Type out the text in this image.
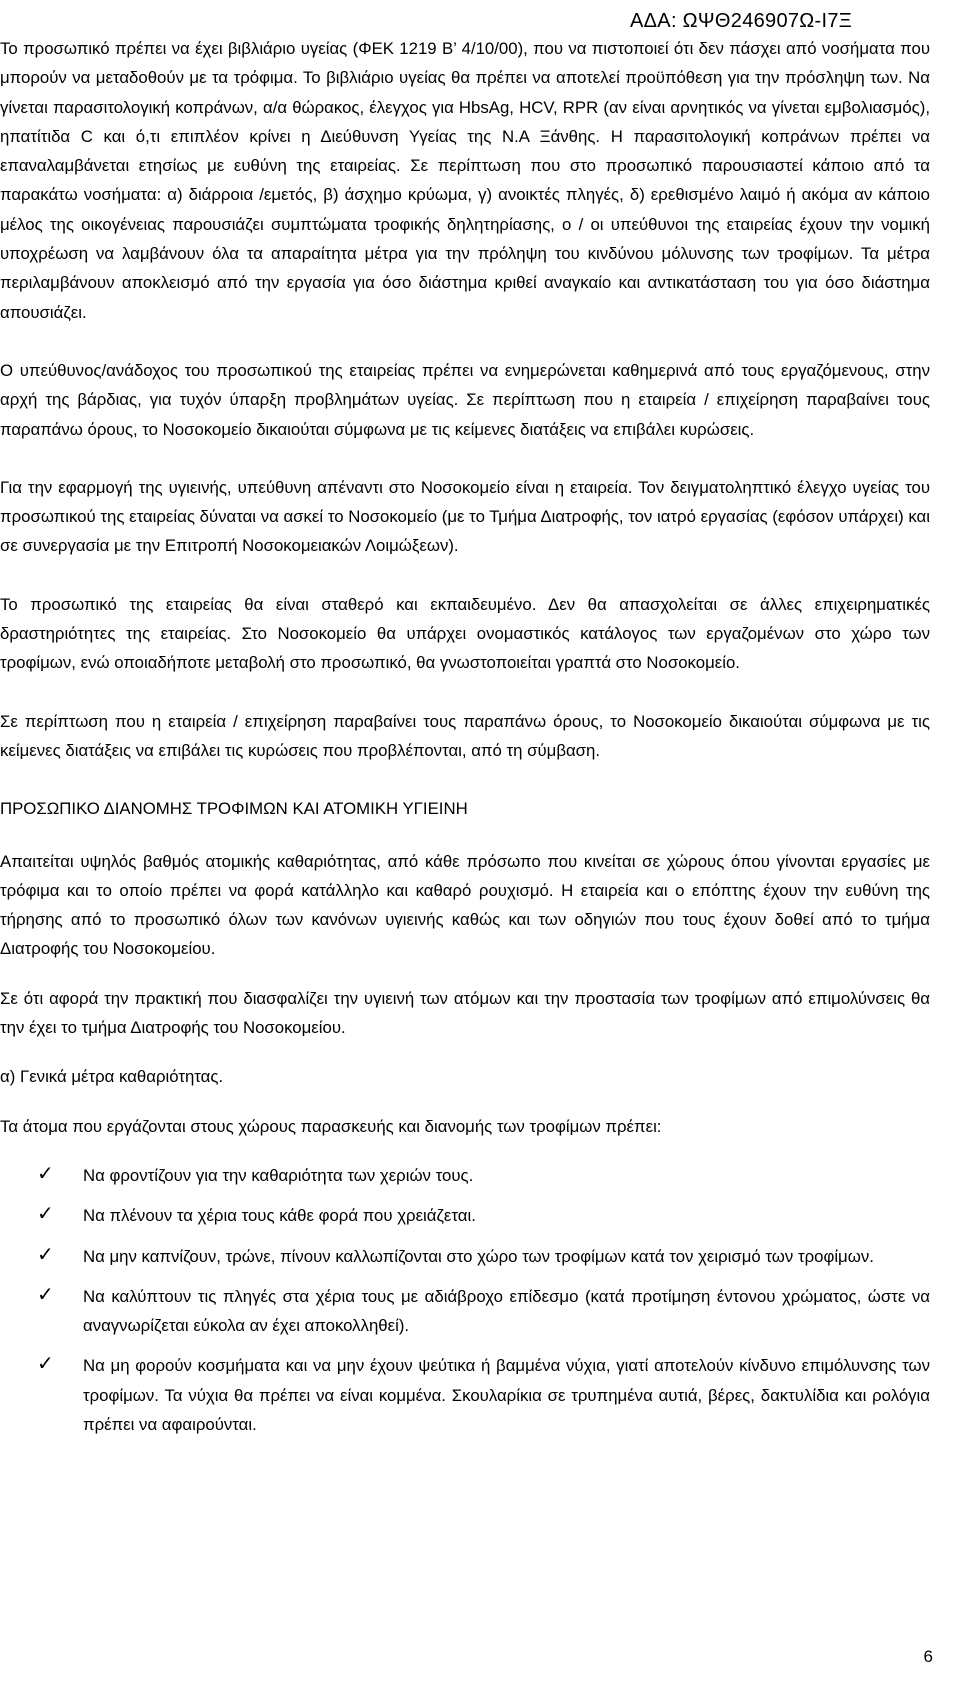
ΑΔΑ: ΩΨΘ246907Ω-Ι7Ξ

Το προσωπικό πρέπει να έχει βιβλιάριο υγείας (ΦΕΚ 1219 Β’ 4/10/00), που να πιστοποιεί ότι δεν πάσχει από νοσήματα που μπορούν να μεταδοθούν με τα τρόφιμα. Το βιβλιάριο υγείας θα πρέπει να αποτελεί προϋπόθεση για την πρόσληψη των. Να γίνεται παρασιτολογική κοπράνων, α/α θώρακος, έλεγχος για HbsAg, HCV, RPR (αν είναι αρνητικός να γίνεται εμβολιασμός), ηπατίτιδα C και ό,τι επιπλέον κρίνει η Διεύθυνση Υγείας της Ν.Α Ξάνθης. Η παρασιτολογική κοπράνων πρέπει να επαναλαμβάνεται ετησίως με ευθύνη της εταιρείας. Σε περίπτωση που στο προσωπικό παρουσιαστεί κάποιο από τα παρακάτω νοσήματα: α) διάρροια /εμετός, β) άσχημο κρύωμα, γ) ανοικτές πληγές, δ) ερεθισμένο λαιμό ή ακόμα αν κάποιο μέλος της οικογένειας παρουσιάζει συμπτώματα τροφικής δηλητηρίασης, ο / οι υπεύθυνοι της εταιρείας έχουν την νομική υποχρέωση να λαμβάνουν όλα τα απαραίτητα μέτρα για την πρόληψη του κινδύνου μόλυνσης των τροφίμων. Τα μέτρα περιλαμβάνουν αποκλεισμό από την εργασία για όσο διάστημα κριθεί αναγκαίο και αντικατάσταση του για όσο διάστημα απουσιάζει.

Ο υπεύθυνος/ανάδοχος του προσωπικού της εταιρείας πρέπει να ενημερώνεται καθημερινά από τους εργαζόμενους, στην αρχή της βάρδιας, για τυχόν ύπαρξη προβλημάτων υγείας. Σε περίπτωση που η εταιρεία / επιχείρηση παραβαίνει τους παραπάνω όρους, το Νοσοκομείο δικαιούται σύμφωνα με τις κείμενες διατάξεις να επιβάλει κυρώσεις.

Για την εφαρμογή της υγιεινής, υπεύθυνη απέναντι στο Νοσοκομείο είναι η εταιρεία. Τον δειγματοληπτικό έλεγχο υγείας του προσωπικού της εταιρείας δύναται να ασκεί το Νοσοκομείο (με το Τμήμα Διατροφής, τον ιατρό εργασίας (εφόσον υπάρχει) και σε συνεργασία με την Επιτροπή Νοσοκομειακών Λοιμώξεων).

Το προσωπικό της εταιρείας θα είναι σταθερό και εκπαιδευμένο. Δεν θα απασχολείται σε άλλες επιχειρηματικές δραστηριότητες της εταιρείας. Στο Νοσοκομείο θα υπάρχει ονομαστικός κατάλογος των εργαζομένων στο χώρο των τροφίμων, ενώ οποιαδήποτε μεταβολή στο προσωπικό, θα γνωστοποιείται γραπτά στο Νοσοκομείο.

Σε περίπτωση που η εταιρεία / επιχείρηση παραβαίνει τους παραπάνω όρους, το Νοσοκομείο δικαιούται σύμφωνα με τις κείμενες διατάξεις να επιβάλει τις κυρώσεις που προβλέπονται, από τη σύμβαση.

ΠΡΟΣΩΠΙΚΟ ΔΙΑΝΟΜΗΣ ΤΡΟΦΙΜΩΝ ΚΑΙ ΑΤΟΜΙΚΗ ΥΓΙΕΙΝΗ

Απαιτείται υψηλός βαθμός ατομικής καθαριότητας, από κάθε πρόσωπο που κινείται σε χώρους όπου γίνονται εργασίες με τρόφιμα και το οποίο πρέπει να φορά κατάλληλο και καθαρό ρουχισμό. Η εταιρεία και ο επόπτης έχουν την ευθύνη της τήρησης από το προσωπικό όλων των κανόνων υγιεινής καθώς και των οδηγιών που τους έχουν δοθεί από το τμήμα Διατροφής του Νοσοκομείου.

Σε ότι αφορά την πρακτική που διασφαλίζει την υγιεινή των ατόμων και την προστασία των τροφίμων από επιμολύνσεις θα την έχει το τμήμα Διατροφής του Νοσοκομείου.

α) Γενικά μέτρα καθαριότητας.

Τα άτομα που εργάζονται στους χώρους παρασκευής και διανομής των τροφίμων πρέπει:

✓ Να φροντίζουν για την καθαριότητα των χεριών τους.
✓ Να πλένουν τα χέρια τους κάθε φορά που χρειάζεται.
✓ Να μην καπνίζουν, τρώνε, πίνουν καλλωπίζονται στο χώρο των τροφίμων κατά τον χειρισμό των τροφίμων.
✓ Να καλύπτουν τις πληγές στα χέρια τους με αδιάβροχο επίδεσμο (κατά προτίμηση έντονου χρώματος, ώστε να αναγνωρίζεται εύκολα αν έχει αποκολληθεί).
✓ Να μη φορούν κοσμήματα και να μην έχουν ψεύτικα ή βαμμένα νύχια, γιατί αποτελούν κίνδυνο επιμόλυνσης των τροφίμων. Τα νύχια θα πρέπει να είναι κομμένα. Σκουλαρίκια σε τρυπημένα αυτιά, βέρες, δακτυλίδια και ρολόγια πρέπει να αφαιρούνται.
6
